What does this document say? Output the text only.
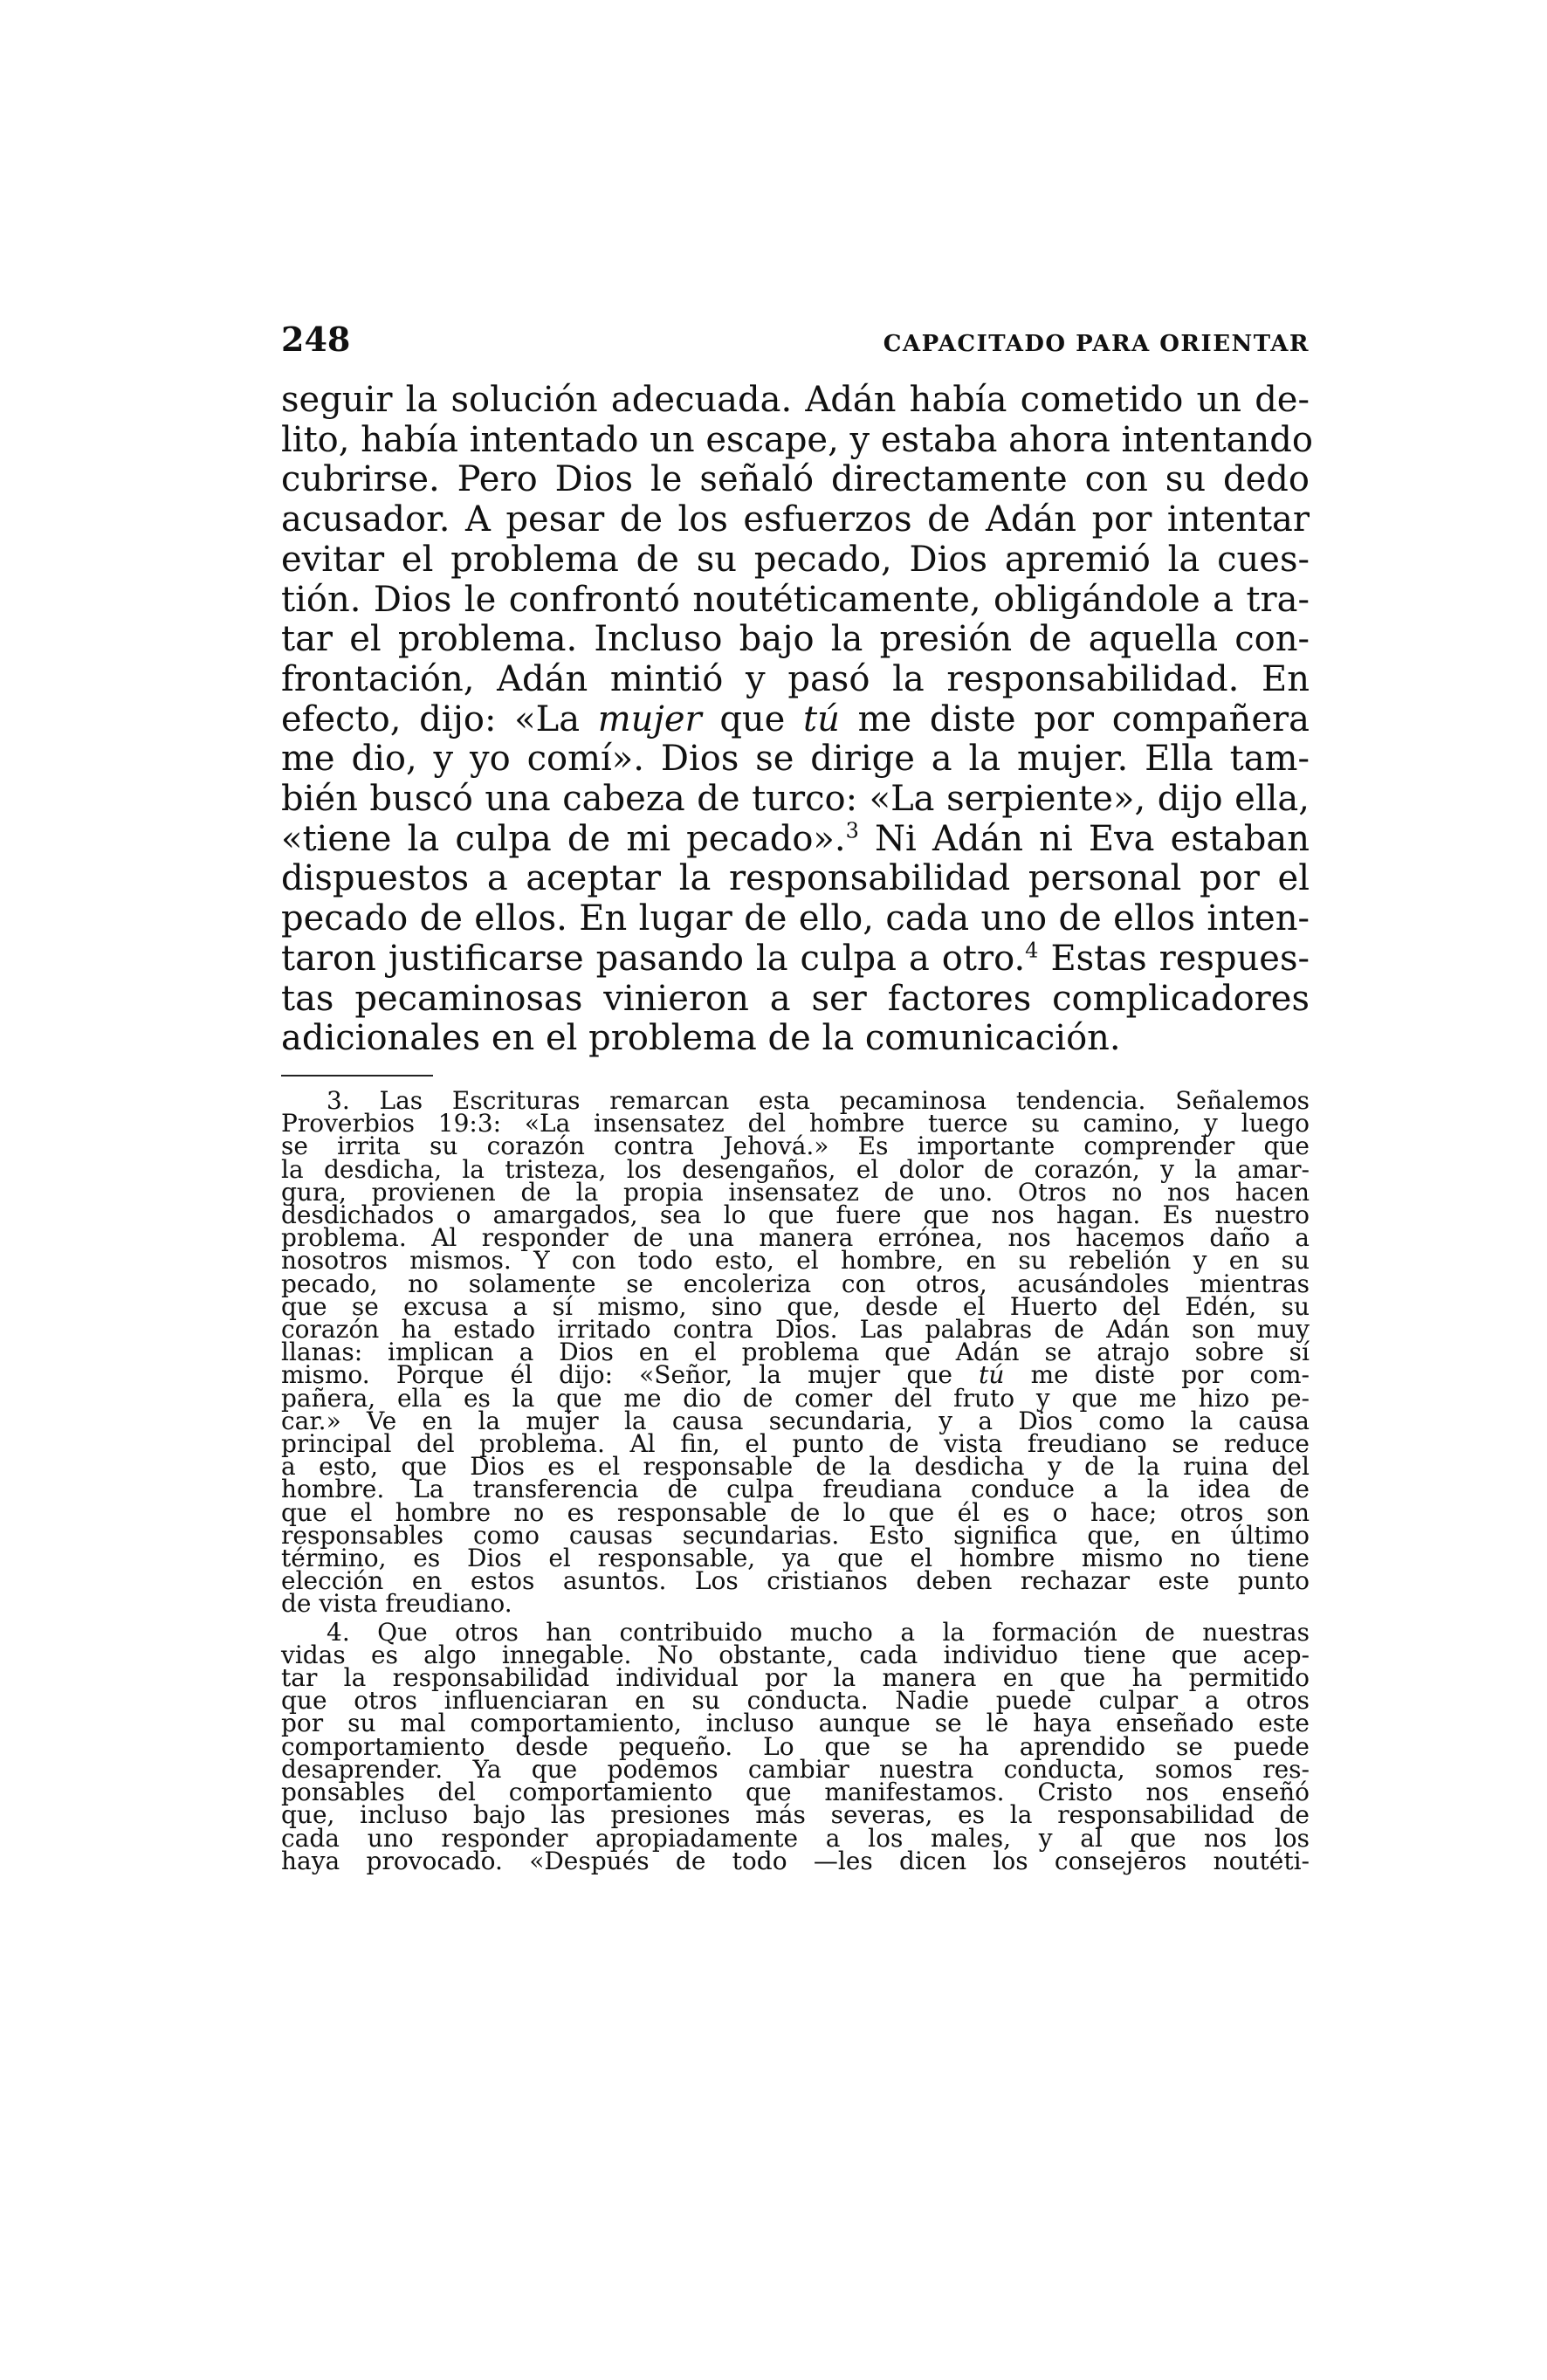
248	CAPACITADO PARA ORIENTAR
seguir la solución adecuada. Adán había cometido un de-
lito, había intentado un escape, y estaba ahora intentando
cubrirse. Pero Dios le señaló directamente con su dedo
acusador. A pesar de los esfuerzos de Adán por intentar
evitar el problema de su pecado, Dios apremió la cues-
tión. Dios le confrontó noutéticamente, obligándole a tra-
tar el problema. Incluso bajo la presión de aquella con-
frontación, Adán mintió y pasó la responsabilidad. En
efecto, dijo: «La mujer que tú me diste por compañera
me dio, y yo comí». Dios se dirige a la mujer. Ella tam-
bién buscó una cabeza de turco: «La serpiente», dijo ella,
«tiene la culpa de mi pecado».$^3$ Ni Adán ni Eva estaban
dispuestos a aceptar la responsabilidad personal por el
pecado de ellos. En lugar de ello, cada uno de ellos inten-
taron justificarse pasando la culpa a otro.$^4$ Estas respues-
tas pecaminosas vinieron a ser factores complicadores
adicionales en el problema de la comunicación.
3. Las Escrituras remarcan esta pecaminosa tendencia. Señalemos
Proverbios 19:3: «La insensatez del hombre tuerce su camino, y luego
se irrita su corazón contra Jehová.» Es importante comprender que
la desdicha, la tristeza, los desengaños, el dolor de corazón, y la amar-
gura, provienen de la propia insensatez de uno. Otros no nos hacen
desdichados o amargados, sea lo que fuere que nos hagan. Es nuestro
problema. Al responder de una manera errónea, nos hacemos daño a
nosotros mismos. Y con todo esto, el hombre, en su rebelión y en su
pecado, no solamente se encoleriza con otros, acusándoles mientras
que se excusa a sí mismo, sino que, desde el Huerto del Edén, su
corazón ha estado irritado contra Dios. Las palabras de Adán son muy
llanas: implican a Dios en el problema que Adán se atrajo sobre sí
mismo. Porque él dijo: «Señor, la mujer que tú me diste por com-
pañera, ella es la que me dio de comer del fruto y que me hizo pe-
car.» Ve en la mujer la causa secundaria, y a Dios como la causa
principal del problema. Al fin, el punto de vista freudiano se reduce
a esto, que Dios es el responsable de la desdicha y de la ruina del
hombre. La transferencia de culpa freudiana conduce a la idea de
que el hombre no es responsable de lo que él es o hace; otros son
responsables como causas secundarias. Esto significa que, en último
término, es Dios el responsable, ya que el hombre mismo no tiene
elección en estos asuntos. Los cristianos deben rechazar este punto
de vista freudiano.
4. Que otros han contribuido mucho a la formación de nuestras
vidas es algo innegable. No obstante, cada individuo tiene que acep-
tar la responsabilidad individual por la manera en que ha permitido
que otros influenciaran en su conducta. Nadie puede culpar a otros
por su mal comportamiento, incluso aunque se le haya enseñado este
comportamiento desde pequeño. Lo que se ha aprendido se puede
desaprender. Ya que podemos cambiar nuestra conducta, somos res-
ponsables del comportamiento que manifestamos. Cristo nos enseñó
que, incluso bajo las presiones más severas, es la responsabilidad de
cada uno responder apropiadamente a los males, y al que nos los
haya provocado. «Después de todo —les dicen los consejeros noutéti-
